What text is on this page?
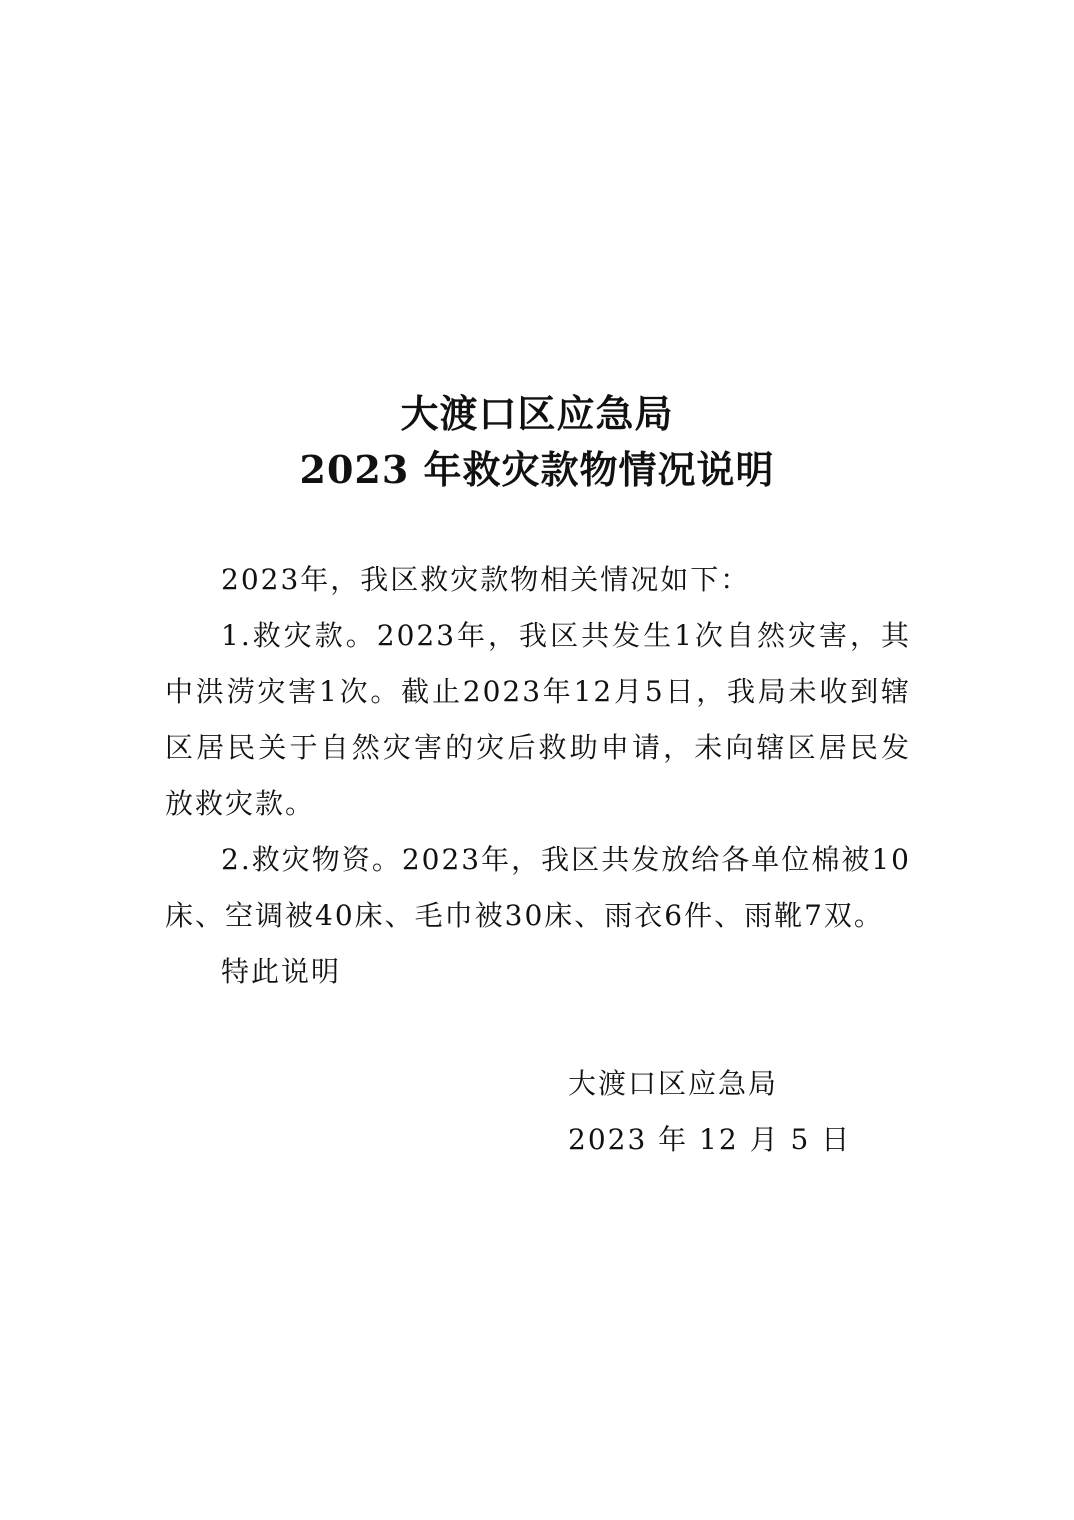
大渡口区应急局
2023 年救灾款物情况说明

2023年，我区救灾款物相关情况如下：

1.救灾款。2023年，我区共发生1次自然灾害，其中洪涝灾害1次。截止2023年12月5日，我局未收到辖区居民关于自然灾害的灾后救助申请，未向辖区居民发放救灾款。

2.救灾物资。2023年，我区共发放给各单位棉被10床、空调被40床、毛巾被30床、雨衣6件、雨靴7双。

特此说明

大渡口区应急局

2023 年 12 月 5 日
